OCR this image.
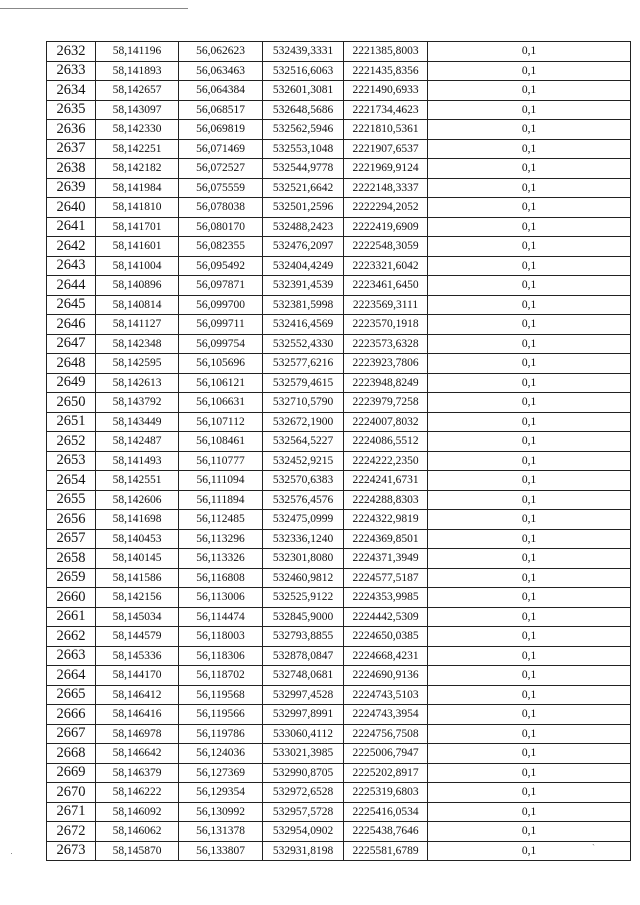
2632	58,141196	56,062623	532439,3331	2221385,8003	0,1
2633	58,141893	56,063463	532516,6063	2221435,8356	0,1
2634	58,142657	56,064384	532601,3081	2221490,6933	0,1
2635	58,143097	56,068517	532648,5686	2221734,4623	0,1
2636	58,142330	56,069819	532562,5946	2221810,5361	0,1
2637	58,142251	56,071469	532553,1048	2221907,6537	0,1
2638	58,142182	56,072527	532544,9778	2221969,9124	0,1
2639	58,141984	56,075559	532521,6642	2222148,3337	0,1
2640	58,141810	56,078038	532501,2596	2222294,2052	0,1
2641	58,141701	56,080170	532488,2423	2222419,6909	0,1
2642	58,141601	56,082355	532476,2097	2222548,3059	0,1
2643	58,141004	56,095492	532404,4249	2223321,6042	0,1
2644	58,140896	56,097871	532391,4539	2223461,6450	0,1
2645	58,140814	56,099700	532381,5998	2223569,3111	0,1
2646	58,141127	56,099711	532416,4569	2223570,1918	0,1
2647	58,142348	56,099754	532552,4330	2223573,6328	0,1
2648	58,142595	56,105696	532577,6216	2223923,7806	0,1
2649	58,142613	56,106121	532579,4615	2223948,8249	0,1
2650	58,143792	56,106631	532710,5790	2223979,7258	0,1
2651	58,143449	56,107112	532672,1900	2224007,8032	0,1
2652	58,142487	56,108461	532564,5227	2224086,5512	0,1
2653	58,141493	56,110777	532452,9215	2224222,2350	0,1
2654	58,142551	56,111094	532570,6383	2224241,6731	0,1
2655	58,142606	56,111894	532576,4576	2224288,8303	0,1
2656	58,141698	56,112485	532475,0999	2224322,9819	0,1
2657	58,140453	56,113296	532336,1240	2224369,8501	0,1
2658	58,140145	56,113326	532301,8080	2224371,3949	0,1
2659	58,141586	56,116808	532460,9812	2224577,5187	0,1
2660	58,142156	56,113006	532525,9122	2224353,9985	0,1
2661	58,145034	56,114474	532845,9000	2224442,5309	0,1
2662	58,144579	56,118003	532793,8855	2224650,0385	0,1
2663	58,145336	56,118306	532878,0847	2224668,4231	0,1
2664	58,144170	56,118702	532748,0681	2224690,9136	0,1
2665	58,146412	56,119568	532997,4528	2224743,5103	0,1
2666	58,146416	56,119566	532997,8991	2224743,3954	0,1
2667	58,146978	56,119786	533060,4112	2224756,7508	0,1
2668	58,146642	56,124036	533021,3985	2225006,7947	0,1
2669	58,146379	56,127369	532990,8705	2225202,8917	0,1
2670	58,146222	56,129354	532972,6528	2225319,6803	0,1
2671	58,146092	56,130992	532957,5728	2225416,0534	0,1
2672	58,146062	56,131378	532954,0902	2225438,7646	0,1
2673	58,145870	56,133807	532931,8198	2225581,6789	0,1
·	`
